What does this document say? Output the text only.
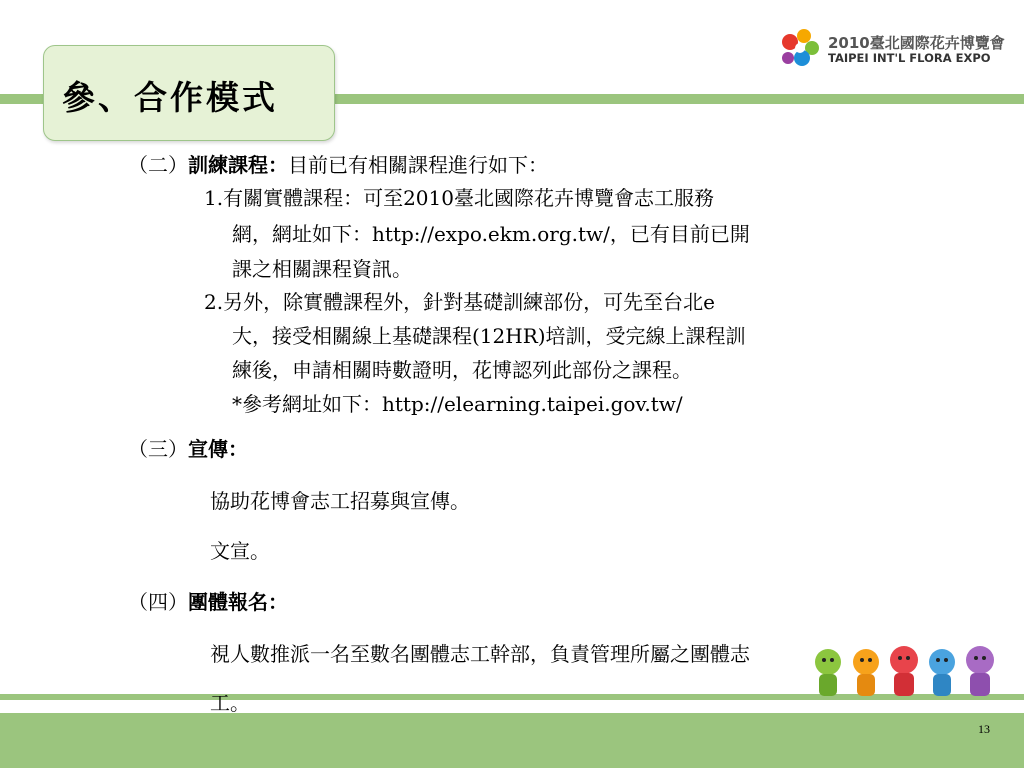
參、合作模式
2010臺北國際花卉博覽會
TAIPEI INT'L FLORA EXPO
（二）訓練課程：目前已有相關課程進行如下：
1.有關實體課程：可至2010臺北國際花卉博覽會志工服務
網，網址如下：http://expo.ekm.org.tw/，已有目前已開
課之相關課程資訊。
2.另外，除實體課程外，針對基礎訓練部份，可先至台北e
大，接受相關線上基礎課程(12HR)培訓，受完線上課程訓
練後，申請相關時數證明，花博認列此部份之課程。
*參考網址如下：http://elearning.taipei.gov.tw/
（三）宣傳：
協助花博會志工招募與宣傳。
文宣。
（四）團體報名：
視人數推派一名至數名團體志工幹部，負責管理所屬之團體志
工。
13
